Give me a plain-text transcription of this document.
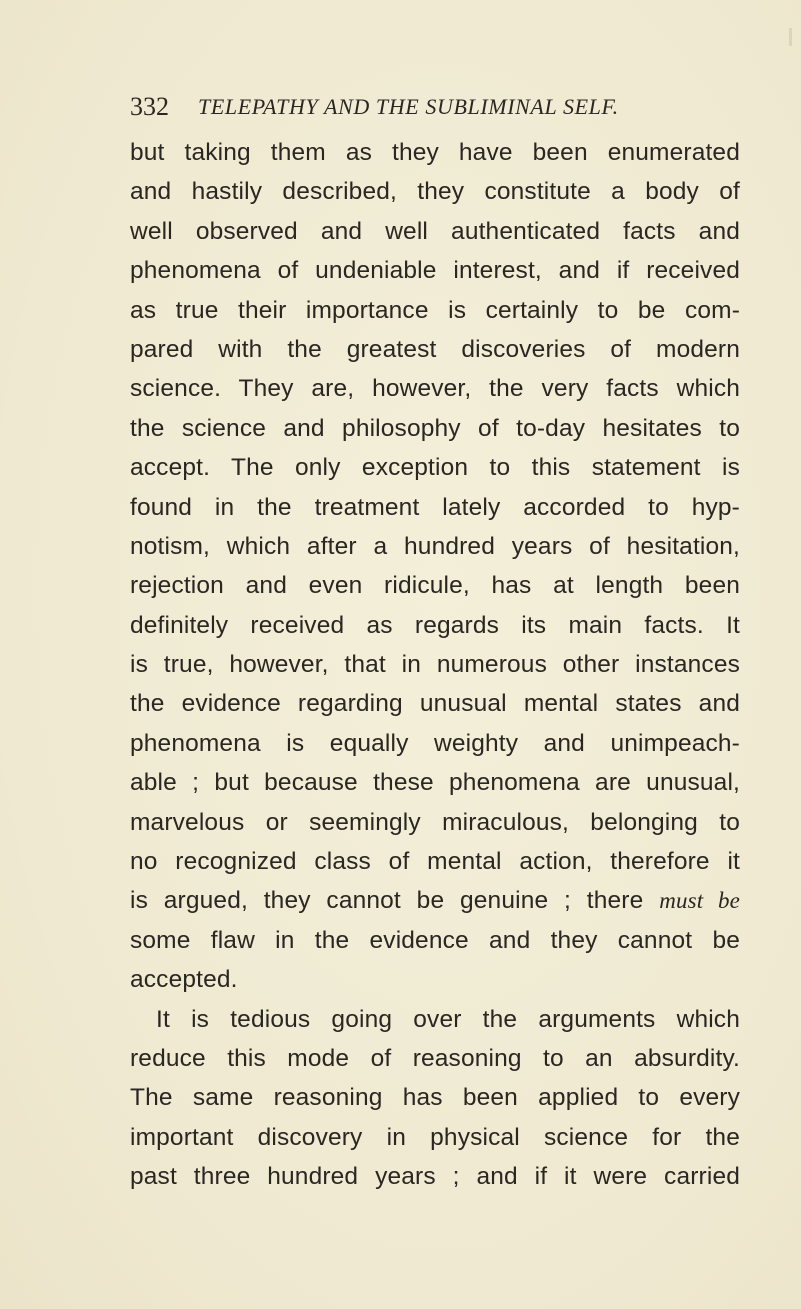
332 TELEPATHY AND THE SUBLIMINAL SELF.
but taking them as they have been enumerated
and hastily described, they constitute a body of
well observed and well authenticated facts and
phenomena of undeniable interest, and if received
as true their importance is certainly to be com-
pared with the greatest discoveries of modern
science. They are, however, the very facts which
the science and philosophy of to-day hesitates to
accept. The only exception to this statement is
found in the treatment lately accorded to hyp-
notism, which after a hundred years of hesitation,
rejection and even ridicule, has at length been
definitely received as regards its main facts. It
is true, however, that in numerous other instances
the evidence regarding unusual mental states and
phenomena is equally weighty and unimpeach-
able ; but because these phenomena are unusual,
marvelous or seemingly miraculous, belonging to
no recognized class of mental action, therefore it
is argued, they cannot be genuine ; there must be
some flaw in the evidence and they cannot be
accepted.
It is tedious going over the arguments which
reduce this mode of reasoning to an absurdity.
The same reasoning has been applied to every
important discovery in physical science for the
past three hundred years ; and if it were carried
